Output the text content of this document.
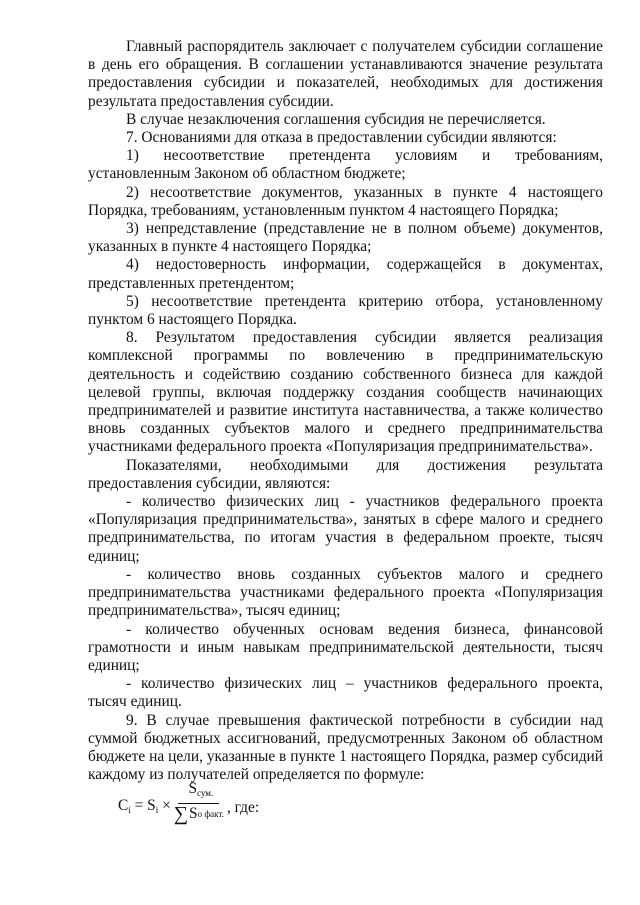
Главный распорядитель заключает с получателем субсидии соглашение в день его обращения. В соглашении устанавливаются значение результата предоставления субсидии и показателей, необходимых для достижения результата предоставления субсидии.

В случае незаключения соглашения субсидия не перечисляется.

7. Основаниями для отказа в предоставлении субсидии являются:

1) несоответствие претендента условиям и требованиям, установленным Законом об областном бюджете;

2) несоответствие документов, указанных в пункте 4 настоящего Порядка, требованиям, установленным пунктом 4 настоящего Порядка;

3) непредставление (представление не в полном объеме) документов, указанных в пункте 4 настоящего Порядка;

4) недостоверность информации, содержащейся в документах, представленных претендентом;

5) несоответствие претендента критерию отбора, установленному пунктом 6 настоящего Порядка.

8. Результатом предоставления субсидии является реализация комплексной программы по вовлечению в предпринимательскую деятельность и содействию созданию собственного бизнеса для каждой целевой группы, включая поддержку создания сообществ начинающих предпринимателей и развитие института наставничества, а также количество вновь созданных субъектов малого и среднего предпринимательства участниками федерального проекта «Популяризация предпринимательства».

Показателями, необходимыми для достижения результата предоставления субсидии, являются:

- количество физических лиц - участников федерального проекта «Популяризация предпринимательства», занятых в сфере малого и среднего предпринимательства, по итогам участия в федеральном проекте, тысяч единиц;

- количество вновь созданных субъектов малого и среднего предпринимательства участниками федерального проекта «Популяризация предпринимательства», тысяч единиц;

- количество обученных основам ведения бизнеса, финансовой грамотности и иным навыкам предпринимательской деятельности, тысяч единиц;

- количество физических лиц – участников федерального проекта, тысяч единиц.

9. В случае превышения фактической потребности в субсидии над суммой бюджетных ассигнований, предусмотренных Законом об областном бюджете на цели, указанные в пункте 1 настоящего Порядка, размер субсидий каждому из получателей определяется по формуле:

$C_i = S_i \times \frac{S_{сум.}}{\text{∑ S о факт.}}$ , где:
